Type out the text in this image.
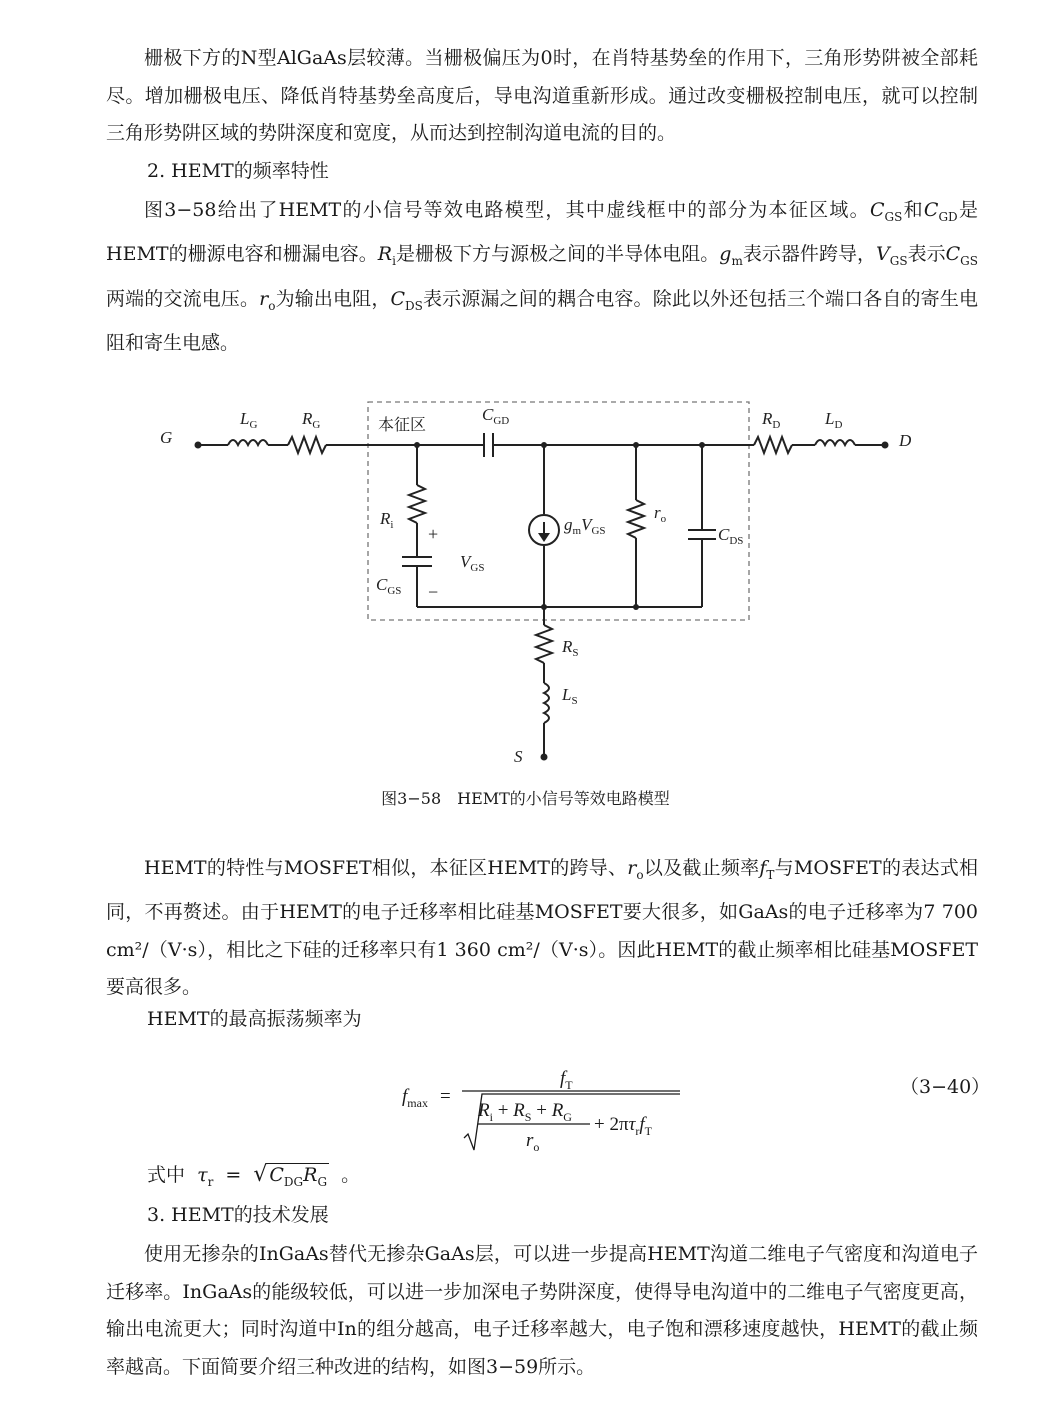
栅极下方的N型AlGaAs层较薄。当栅极偏压为0时，在肖特基势垒的作用下，三角形势阱被全部耗尽。增加栅极电压、降低肖特基势垒高度后，导电沟道重新形成。通过改变栅极控制电压，就可以控制三角形势阱区域的势阱深度和宽度，从而达到控制沟道电流的目的。

2. HEMT的频率特性

图3−58给出了HEMT的小信号等效电路模型，其中虚线框中的部分为本征区域。$C_{GS}$和$C_{GD}$是HEMT的栅源电容和栅漏电容。$R_i$是栅极下方与源极之间的半导体电阻。$g_m$表示器件跨导，$V_{GS}$表示$C_{GS}$两端的交流电压。$r_o$为输出电阻，$C_{DS}$表示源漏之间的耦合电容。除此以外还包括三个端口各自的寄生电阻和寄生电感。

G	D
S
本征区
$L_G$	$R_G$
$C_{GD}$	$R_D$	$L_D$
$R_i$ +
−
$V_{GS}$
$C_{GS}$
$g_mV_{GS}$
$r_o$
$C_{DS}$
$R_S$
$L_S$
图3−58　HEMT的小信号等效电路模型

HEMT的特性与MOSFET相似，本征区HEMT的跨导、$r_o$以及截止频率$f_T$与MOSFET的表达式相同，不再赘述。由于HEMT的电子迁移率相比硅基MOSFET要大很多，如GaAs的电子迁移率为7 700 cm²/（V·s），相比之下硅的迁移率只有1 360 cm²/（V·s）。因此HEMT的截止频率相比硅基MOSFET要高很多。

HEMT的最高振荡频率为

$f_{max}$ =
$f_T$
$R_i + R_S + R_G$
$r_o$
+ $2\pi\tau_rf_T$
（3−40）
式中 $\tau_r$ = √ $C_{DG}R_G$ 。

3. HEMT的技术发展

使用无掺杂的InGaAs替代无掺杂GaAs层，可以进一步提高HEMT沟道二维电子气密度和沟道电子迁移率。InGaAs的能级较低，可以进一步加深电子势阱深度，使得导电沟道中的二维电子气密度更高，输出电流更大；同时沟道中In的组分越高，电子迁移率越大，电子饱和漂移速度越快，HEMT的截止频率越高。下面简要介绍三种改进的结构，如图3−59所示。
